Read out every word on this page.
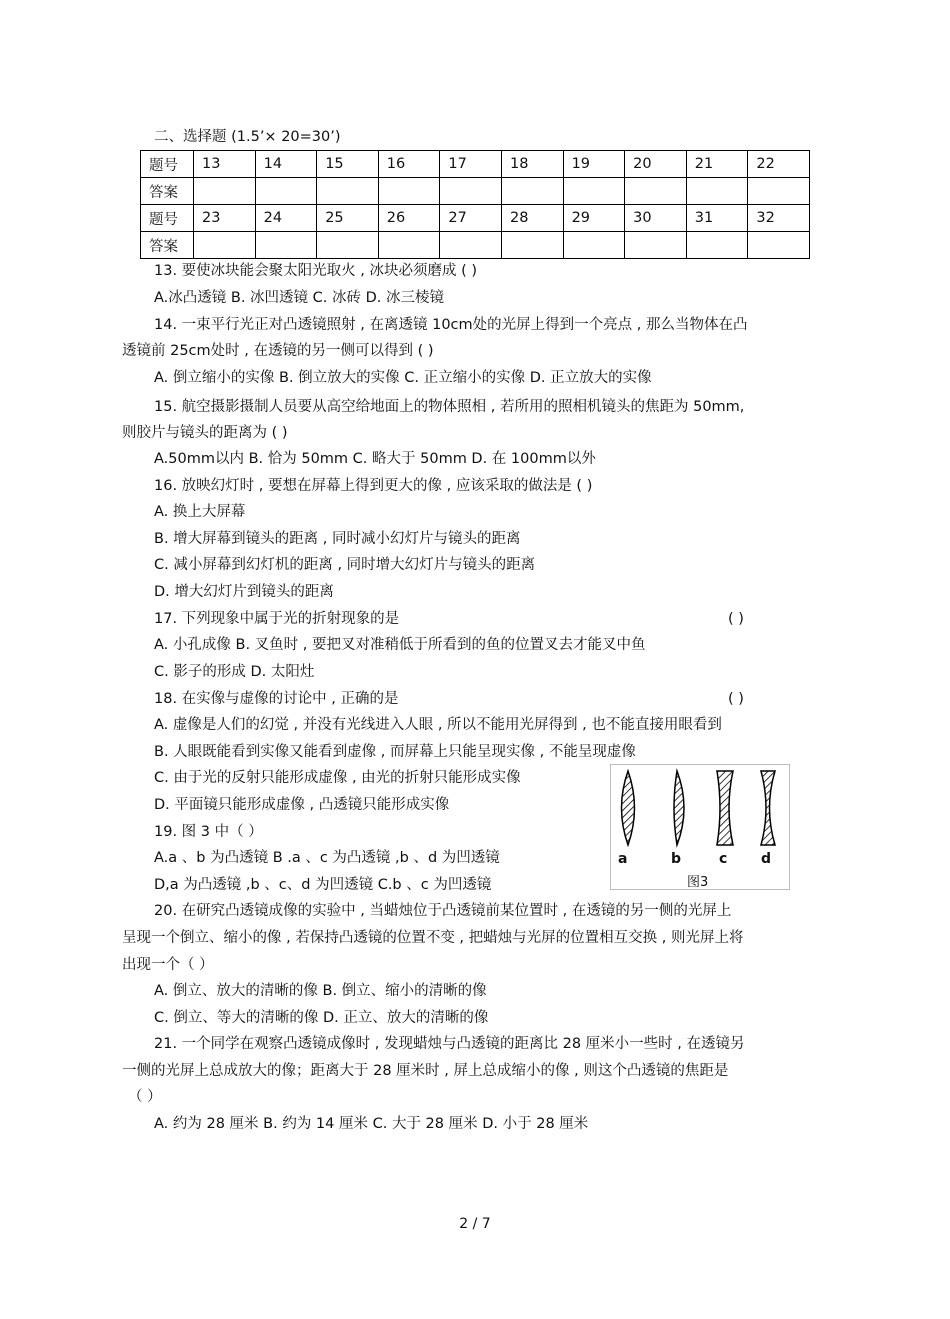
二、选择题 (1.5’× 20=30’)
题号	13	14	15	16	17	18	19	20	21	22
答案										
题号	23	24	25	26	27	28	29	30	31	32
答案										
13. 要使冰块能会聚太阳光取火 , 冰块必须磨成 ( )
A.冰凸透镜 B. 冰凹透镜 C. 冰砖 D. 冰三棱镜
14. 一束平行光正对凸透镜照射 , 在离透镜 10cm处的光屏上得到一个亮点 , 那么当物体在凸
透镜前 25cm处时 , 在透镜的另一侧可以得到 ( )
A. 倒立缩小的实像 B. 倒立放大的实像 C. 正立缩小的实像 D. 正立放大的实像
15. 航空摄影摄制人员要从高空给地面上的物体照相 , 若所用的照相机镜头的焦距为 50mm,
则胶片与镜头的距离为 ( )
A.50mm以内 B. 恰为 50mm C. 略大于 50mm D. 在 100mm以外
16. 放映幻灯时 , 要想在屏幕上得到更大的像 , 应该采取的做法是 ( )
A. 换上大屏幕
B. 增大屏幕到镜头的距离 , 同时减小幻灯片与镜头的距离
C. 减小屏幕到幻灯机的距离 , 同时增大幻灯片与镜头的距离
D. 增大幻灯片到镜头的距离
17. 下列现象中属于光的折射现象的是	( )
A. 小孔成像 B. 叉鱼时 , 要把叉对准稍低于所看到的鱼的位置叉去才能叉中鱼
C. 影子的形成 D. 太阳灶
18. 在实像与虚像的讨论中 , 正确的是	( )
A. 虚像是人们的幻觉 , 并没有光线进入人眼 , 所以不能用光屏得到 , 也不能直接用眼看到
B. 人眼既能看到实像又能看到虚像 , 而屏幕上只能呈现实像 , 不能呈现虚像
C. 由于光的反射只能形成虚像 , 由光的折射只能形成实像
D. 平面镜只能形成虚像 , 凸透镜只能形成实像
19. 图 3 中（ ）
A.a 、b 为凸透镜 B .a 、c 为凸透镜 ,b 、d 为凹透镜
D,a 为凸透镜 ,b 、c、d 为凹透镜 C.b 、c 为凹透镜
20. 在研究凸透镜成像的实验中 , 当蜡烛位于凸透镜前某位置时 , 在透镜的另一侧的光屏上
呈现一个倒立、缩小的像 , 若保持凸透镜的位置不变 , 把蜡烛与光屏的位置相互交换 , 则光屏上将
出现一个（ ）
A. 倒立、放大的清晰的像 B. 倒立、缩小的清晰的像
C. 倒立、等大的清晰的像 D. 正立、放大的清晰的像
21. 一个同学在观察凸透镜成像时 , 发现蜡烛与凸透镜的距离比 28 厘米小一些时 , 在透镜另
一侧的光屏上总成放大的像；距离大于 28 厘米时 , 屏上总成缩小的像 , 则这个凸透镜的焦距是
（ ）
A. 约为 28 厘米 B. 约为 14 厘米 C. 大于 28 厘米 D. 小于 28 厘米
a	b	c d
图3
2 / 7
